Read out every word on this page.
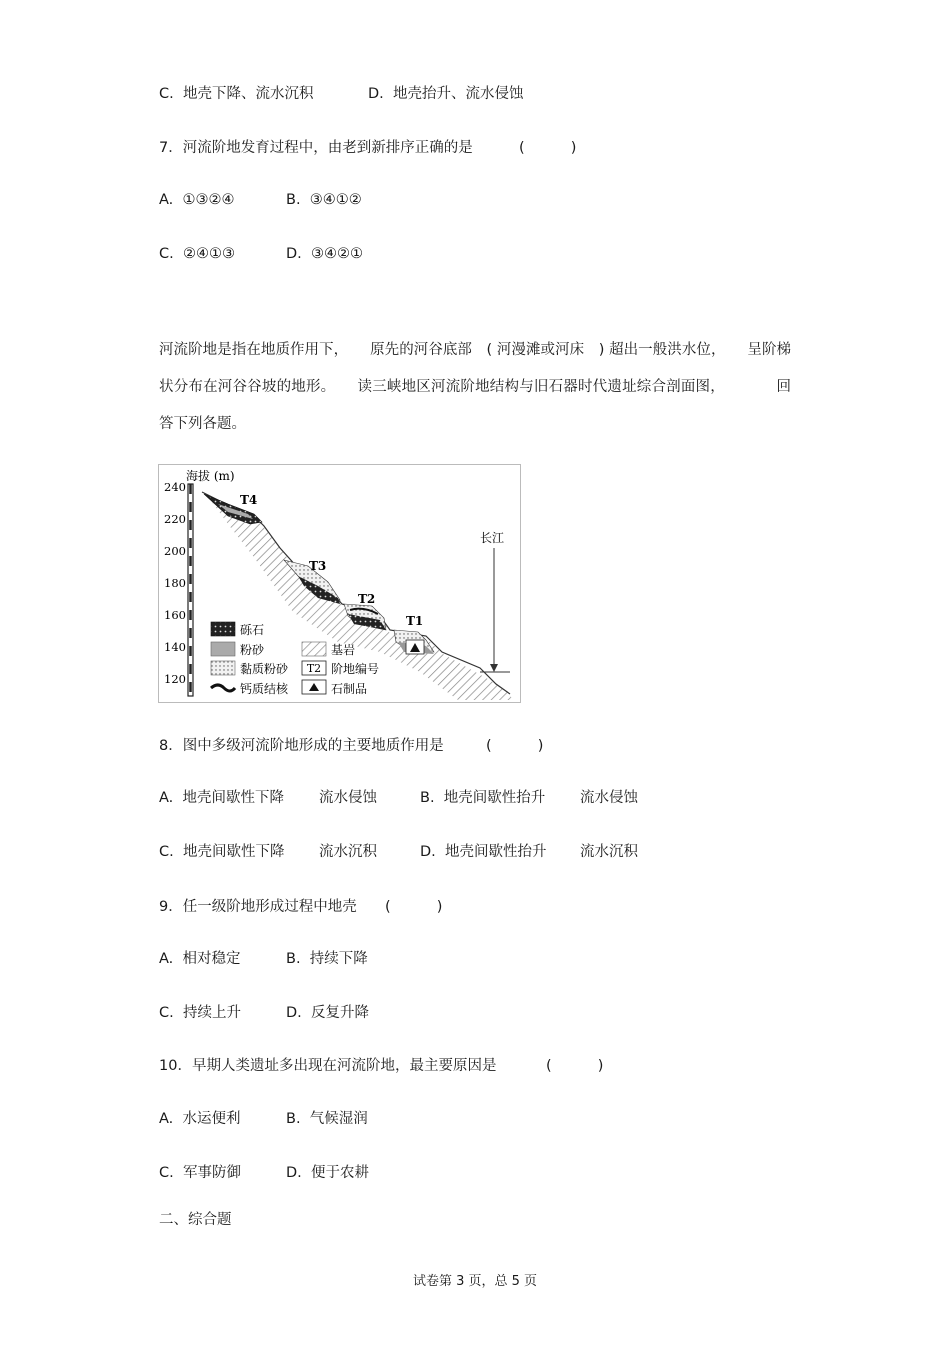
C.  地壳下降、流水沉积	D.  地壳抬升、流水侵蚀
7．河流阶地发育过程中，由老到新排序正确的是	(          )
A.  ①③②④	B.  ③④①②
C.  ②④①③	D.  ③④②①
河流阶地是指在地质作用下，　　原先的河谷底部　( 河漫滩或河床　) 超出一般洪水位，　　呈阶梯
状分布在河谷谷坡的地形。　　读三峡地区河流阶地结构与旧石器时代遗址综合剖面图，　　　　回
答下列各题。
海拔 (m)
240
220
200
180
160
140
120
T4
T3
T2
T1
长江
砾石
粉砂	基岩
黏质粉砂 T2 阶地编号
钙质结核	石制品
8．图中多级河流阶地形成的主要地质作用是	(          )
A.  地壳间歇性下降 流水侵蚀	B.  地壳间歇性抬升 流水侵蚀
C.  地壳间歇性下降 流水沉积	D.  地壳间歇性抬升 流水沉积
9．任一级阶地形成过程中地壳 (          )
A.  相对稳定	B.  持续下降
C.  持续上升	D.  反复升降
10．早期人类遗址多出现在河流阶地，最主要原因是	(          )
A.  水运便利	B.  气候湿润
C.  军事防御	D.  便于农耕
二、综合题
试卷第 3 页，总 5 页
